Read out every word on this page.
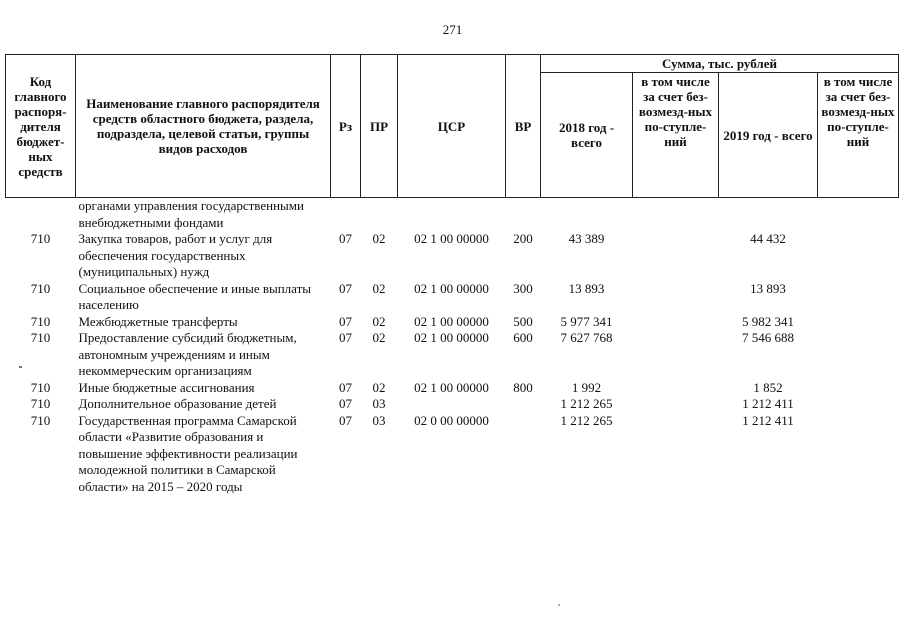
271
Код главного распоря-дителя бюджет-ных средств	Наименование главного распорядителя средств областного бюджета, раздела, подраздела, целевой статьи, группы видов расходов	Рз	ПР	ЦСР	ВР	Сумма, тыс. рублей			
						2018 год - всего	в том числе за счет без-возмезд-ных по-ступле-ний	2019 год - всего	в том числе за счет без-возмезд-ных по-ступле-ний
	органами управления государственными внебюджетными фондами								
710	Закупка товаров, работ и услуг для обеспечения государственных (муниципальных) нужд	07	02	02 1 00 00000	200	43 389		44 432	
710	Социальное обеспечение и иные выплаты населению	07	02	02 1 00 00000	300	13 893		13 893	
710	Межбюджетные трансферты	07	02	02 1 00 00000	500	5 977 341		5 982 341	
710	Предоставление субсидий бюджетным, автономным учреждениям и иным некоммерческим организациям	07	02	02 1 00 00000	600	7 627 768		7 546 688	
710	Иные бюджетные ассигнования	07	02	02 1 00 00000	800	1 992		1 852	
710	Дополнительное образование детей	07	03			1 212 265		1 212 411	
710	Государственная программа Самарской области «Развитие образования и повышение эффективности реализации молодежной политики в Самарской области» на 2015 – 2020 годы	07	03	02 0 00 00000		1 212 265		1 212 411	
